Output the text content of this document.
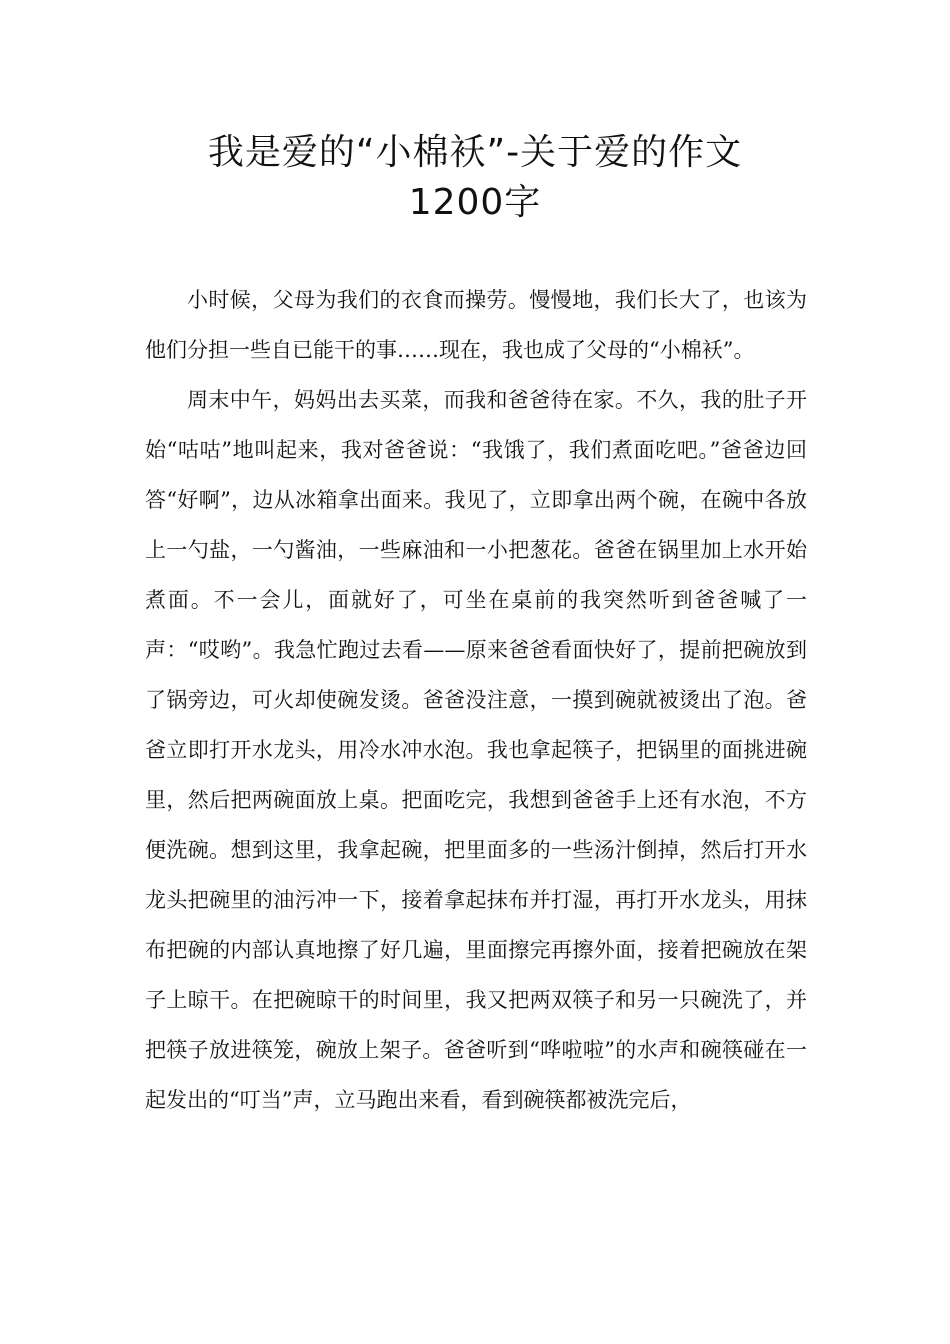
我是爱的“小棉袄”-关于爱的作文
1200字

小时候，父母为我们的衣食而操劳。慢慢地，我们长大了，也该为他们分担一些自已能干的事……现在，我也成了父母的“小棉袄”。

周末中午，妈妈出去买菜，而我和爸爸待在家。不久，我的肚子开始“咕咕”地叫起来，我对爸爸说：“我饿了，我们煮面吃吧。”爸爸边回答“好啊”，边从冰箱拿出面来。我见了，立即拿出两个碗，在碗中各放上一勺盐，一勺酱油，一些麻油和一小把葱花。爸爸在锅里加上水开始煮面。不一会儿，面就好了，可坐在桌前的我突然听到爸爸喊了一声：“哎哟”。我急忙跑过去看——原来爸爸看面快好了，提前把碗放到了锅旁边，可火却使碗发烫。爸爸没注意，一摸到碗就被烫出了泡。爸爸立即打开水龙头，用冷水冲水泡。我也拿起筷子，把锅里的面挑进碗里，然后把两碗面放上桌。把面吃完，我想到爸爸手上还有水泡，不方便洗碗。想到这里，我拿起碗，把里面多的一些汤汁倒掉，然后打开水龙头把碗里的油污冲一下，接着拿起抹布并打湿，再打开水龙头，用抹布把碗的内部认真地擦了好几遍，里面擦完再擦外面，接着把碗放在架子上晾干。在把碗晾干的时间里，我又把两双筷子和另一只碗洗了，并把筷子放进筷笼，碗放上架子。爸爸听到“哗啦啦”的水声和碗筷碰在一起发出的“叮当”声，立马跑出来看，看到碗筷都被洗完后，
